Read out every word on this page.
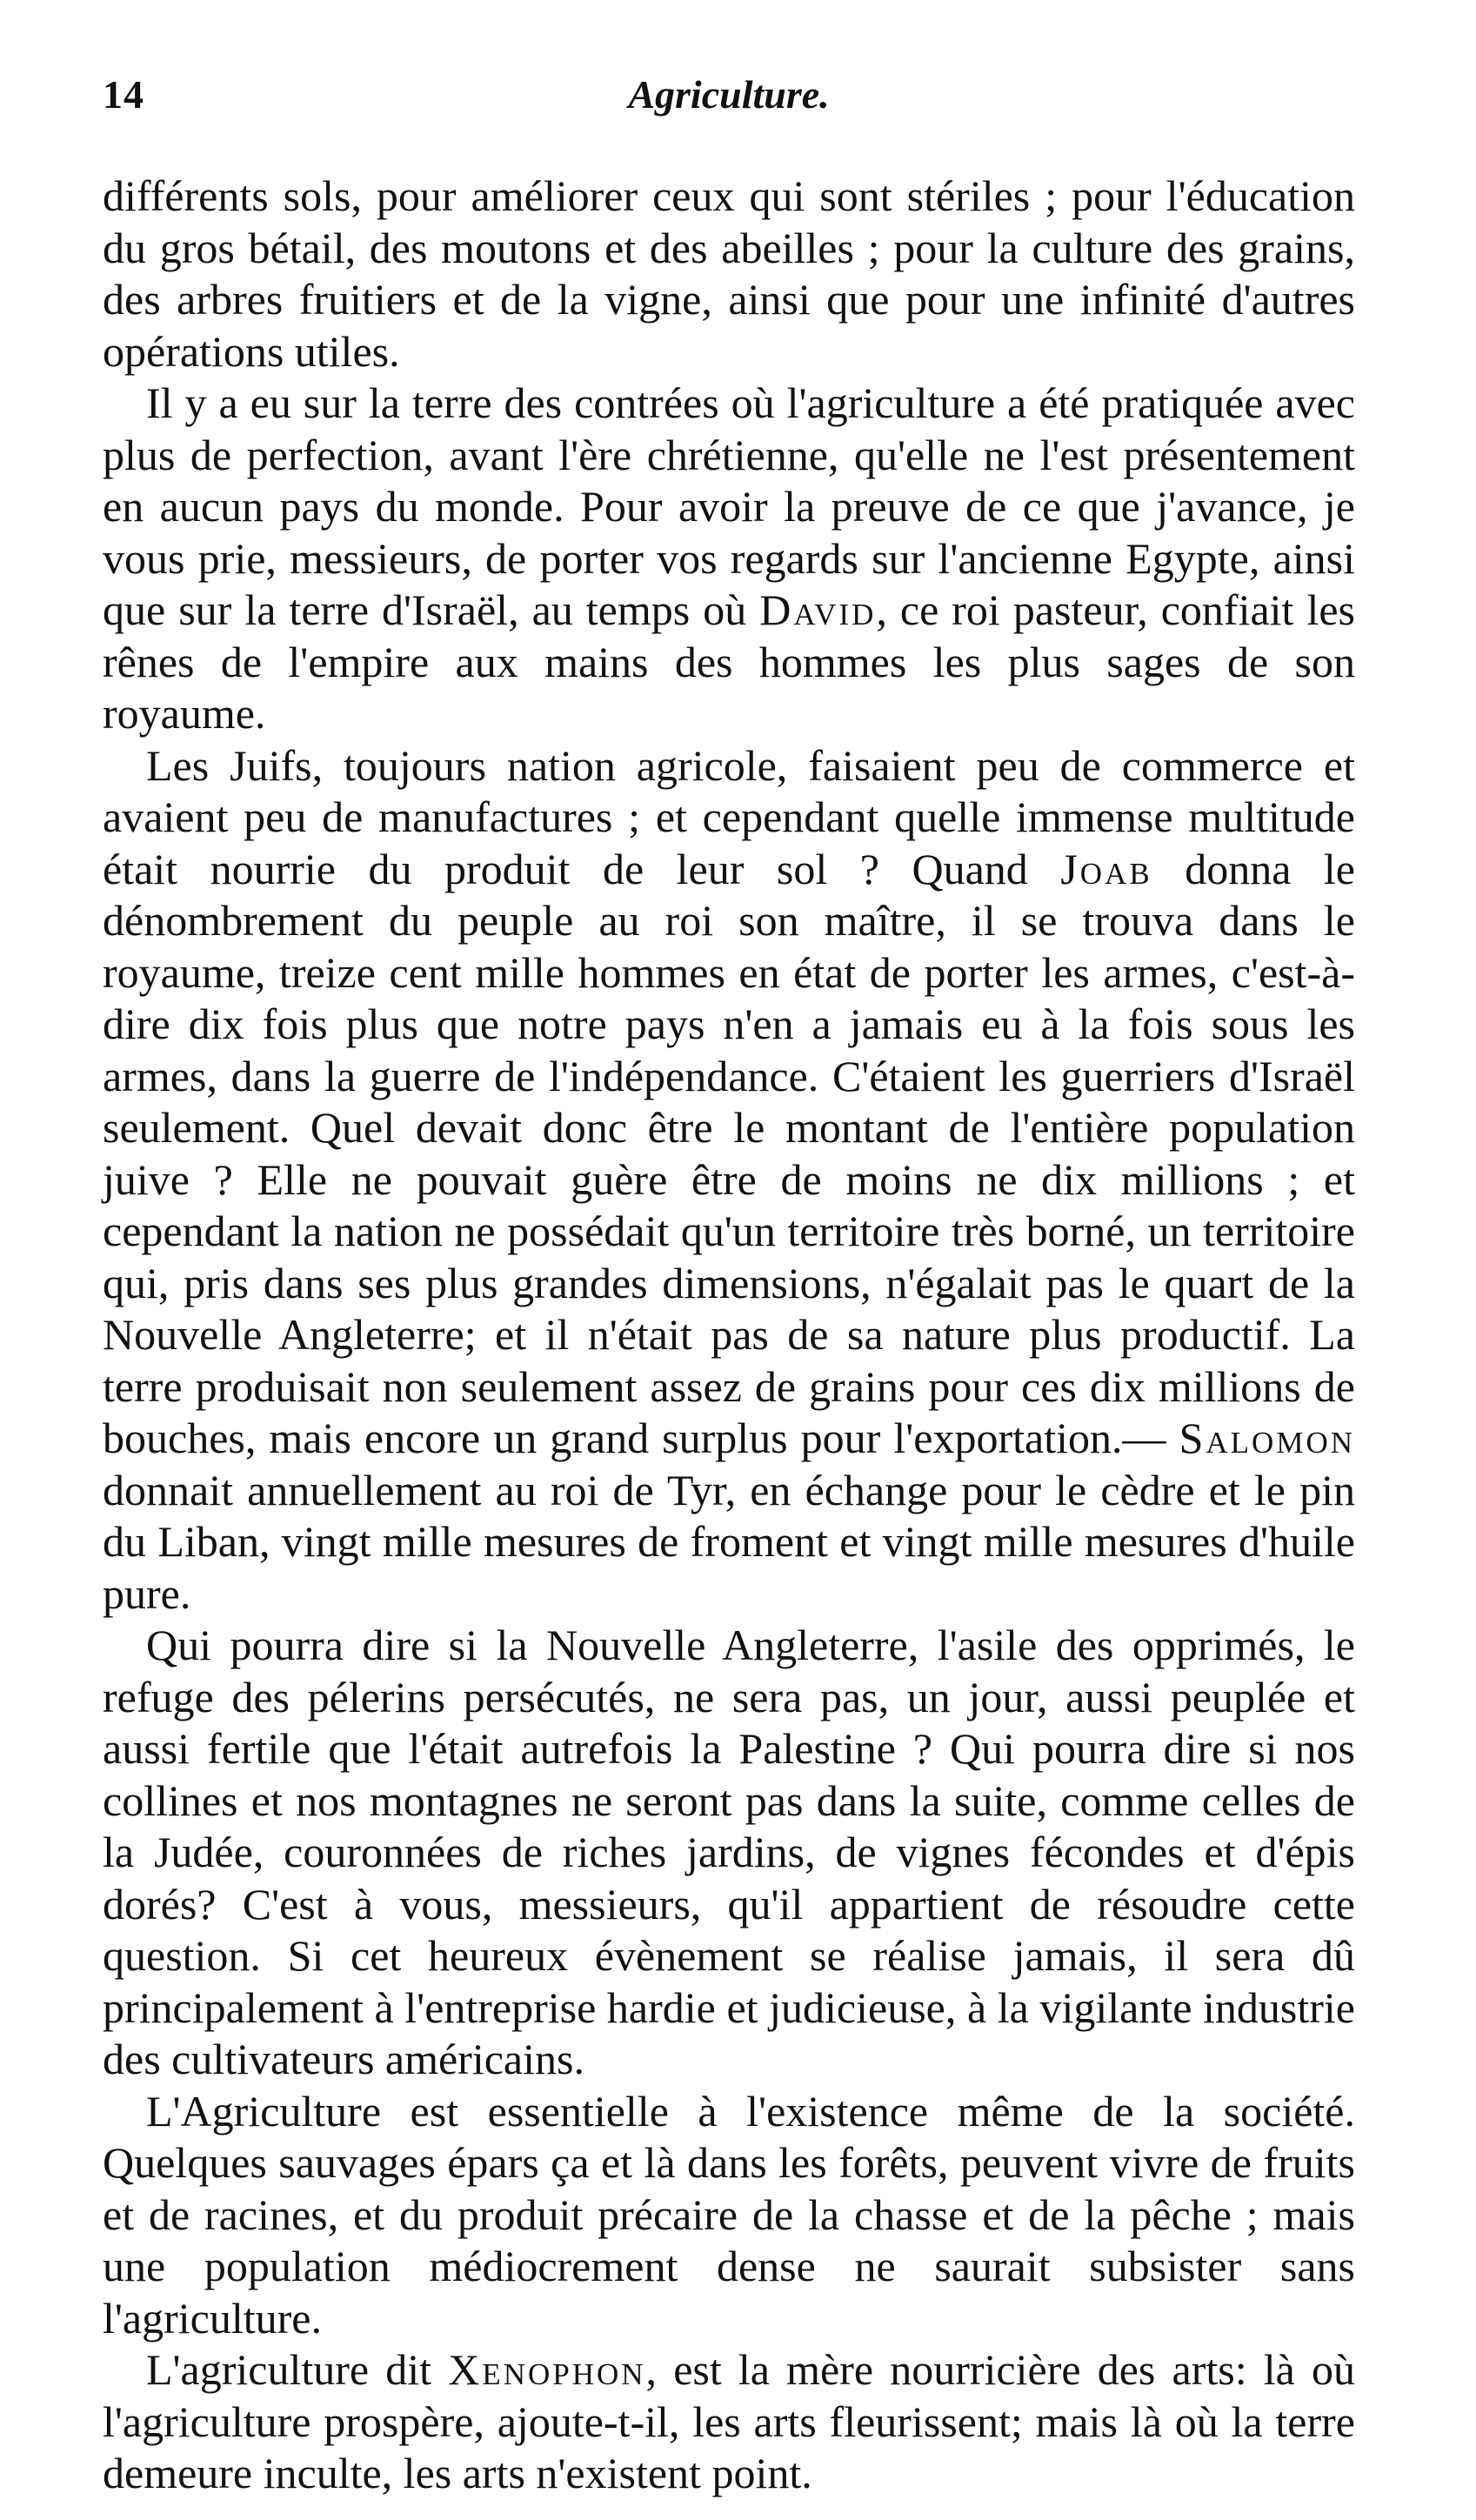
14	Agriculture.

différents sols, pour améliorer ceux qui sont stériles ; pour l'éducation du gros bétail, des moutons et des abeilles ; pour la culture des grains, des arbres fruitiers et de la vigne, ainsi que pour une infinité d'autres opérations utiles.

Il y a eu sur la terre des contrées où l'agriculture a été pratiquée avec plus de perfection, avant l'ère chrétienne, qu'elle ne l'est présentement en aucun pays du monde. Pour avoir la preuve de ce que j'avance, je vous prie, messieurs, de porter vos regards sur l'ancienne Egypte, ainsi que sur la terre d'Israël, au temps où David, ce roi pasteur, confiait les rênes de l'empire aux mains des hommes les plus sages de son royaume.

Les Juifs, toujours nation agricole, faisaient peu de commerce et avaient peu de manufactures ; et cependant quelle immense multitude était nourrie du produit de leur sol ? Quand Joab donna le dénombrement du peuple au roi son maître, il se trouva dans le royaume, treize cent mille hommes en état de porter les armes, c'est-à-dire dix fois plus que notre pays n'en a jamais eu à la fois sous les armes, dans la guerre de l'indépendance. C'étaient les guerriers d'Israël seulement. Quel devait donc être le montant de l'entière population juive ? Elle ne pouvait guère être de moins ne dix millions ; et cependant la nation ne possédait qu'un territoire très borné, un territoire qui, pris dans ses plus grandes dimensions, n'égalait pas le quart de la Nouvelle Angleterre; et il n'était pas de sa nature plus productif. La terre produisait non seulement assez de grains pour ces dix millions de bouches, mais encore un grand surplus pour l'exportation.— Salomon donnait annuellement au roi de Tyr, en échange pour le cèdre et le pin du Liban, vingt mille mesures de froment et vingt mille mesures d'huile pure.

Qui pourra dire si la Nouvelle Angleterre, l'asile des opprimés, le refuge des pélerins persécutés, ne sera pas, un jour, aussi peuplée et aussi fertile que l'était autrefois la Palestine ? Qui pourra dire si nos collines et nos montagnes ne seront pas dans la suite, comme celles de la Judée, couronnées de riches jardins, de vignes fécondes et d'épis dorés? C'est à vous, messieurs, qu'il appartient de résoudre cette question. Si cet heureux évènement se réalise jamais, il sera dû principalement à l'entreprise hardie et judicieuse, à la vigilante industrie des cultivateurs américains.

L'Agriculture est essentielle à l'existence même de la société. Quelques sauvages épars ça et là dans les forêts, peuvent vivre de fruits et de racines, et du produit précaire de la chasse et de la pêche ; mais une population médiocrement dense ne saurait subsister sans l'agriculture.

L'agriculture dit Xenophon, est la mère nourricière des arts: là où l'agriculture prospère, ajoute-t-il, les arts fleurissent; mais là où la terre demeure inculte, les arts n'existent point.
